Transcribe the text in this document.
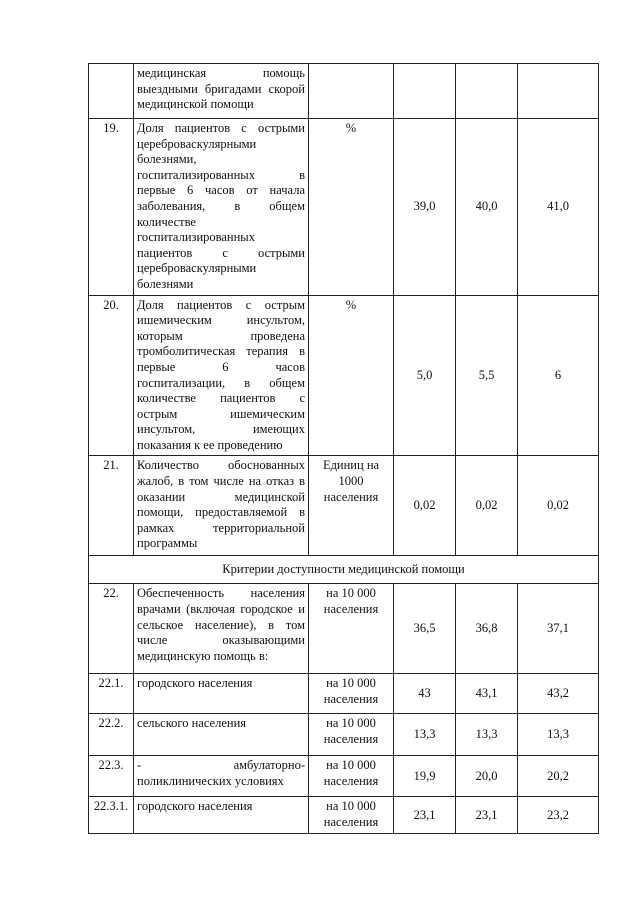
	медицинская помощь выездными бригадами скорой медицинской помощи				
19.	Доля пациентов с острыми цереброваскулярными болезнями, госпитализированных в первые 6 часов от начала заболевания, в общем количестве госпитализированных пациентов с острыми цереброваскулярными болезнями	%	39,0	40,0	41,0
20.	Доля пациентов с острым ишемическим инсультом, которым проведена тромболитическая терапия в первые 6 часов госпитализации, в общем количестве пациентов с острым ишемическим инсультом, имеющих показания к ее проведению	%	5,0	5,5	6
21.	Количество обоснованных жалоб, в том числе на отказ в оказании медицинской помощи, предоставляемой в рамках территориальной программы	Единиц на 1000 населения	0,02	0,02	0,02
Критерии доступности медицинской помощи					
22.	Обеспеченность населения врачами (включая городское и сельское население), в том числе оказывающими медицинскую помощь в:	на 10 000 населения	36,5	36,8	37,1
22.1.	городского населения	на 10 000 населения	43	43,1	43,2
22.2.	сельского населения	на 10 000 населения	13,3	13,3	13,3
22.3.	- амбулаторно-поликлинических условиях	на 10 000 населения	19,9	20,0	20,2
22.3.1.	городского населения	на 10 000 населения	23,1	23,1	23,2
